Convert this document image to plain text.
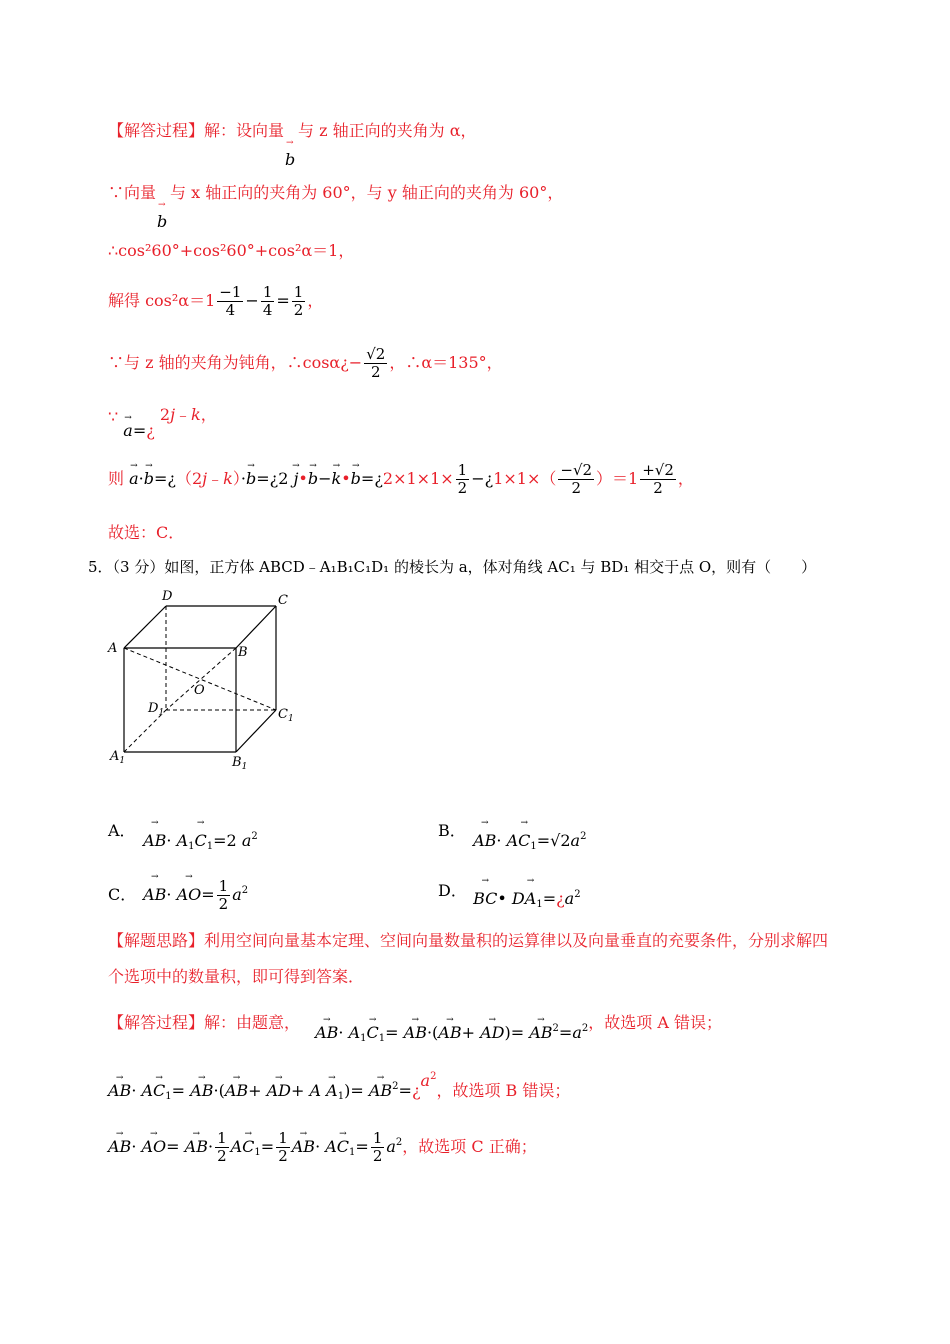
【解答过程】解：设向量
b
→
与 z 轴正向的夹角为 α，
∵向量
b
→
与 x 轴正向的夹角为 60°，与 y 轴正向的夹角为 60°，
∴cos²60°+cos²60°+cos²α＝1，
解得 $\cos^2\alpha=1 \frac{-1}{4} - \frac{1}{4} = \frac{1}{2}$ ，
∵与 z 轴的夹角为钝角，∴cosα¿− $\frac{√2}{2}$ ，∴α＝135°，
∵ → a=¿ 2j﹣k，
则 → a·→ b=¿（2j﹣k）·→ b=¿2 → j•→ b−→ k•→ b=¿2×1×1× $\frac{1}{2}$ −¿1×1×（ $\frac{-√2}{2} )=1 \frac{+√2}{2}$ ，
故选：C．
5．（3 分）如图，正方体 ABCD﹣A₁B₁C₁D₁ 的棱长为 a，体对角线 AC₁ 与 BD₁ 相交于点 O，则有（　　）
D	C
A	B
O
$D_1$	$C_1$
$A_1$	$B_1$
A． → $AB\cdot A_1\to C_1=2$ $a^2$	B． → $AB\cdot A\to C_1=√2a^2$
C． → $AB\cdot \to AO= \frac{1}{2} a^2$	D． → BC• $D\to A_1=¿a^2$
【解题思路】利用空间向量基本定理、空间向量数量积的运算律以及向量垂直的充要条件，分别求解四
个选项中的数量积，即可得到答案．
【解答过程】解：由题意， → $AB\cdot A_1\to C_1= \to AB\cdot(\to AB+ \to AD)= \to AB^2=a^2$，故选项 A 错误；
→ $AB\cdot A\to C_1= \to AB\cdot(\to AB+ \to AD+ A \to A_1)=$ → $AB^2=¿a^2$，故选项 B 错误；
→ $AB\cdot \to AO= \to AB\cdot \frac{1}{2} A\to C_1= \frac{1}{2}$
→ $AB\cdot A\to C_1= \frac{1}{2} a^2$，故选项 C 正确；
